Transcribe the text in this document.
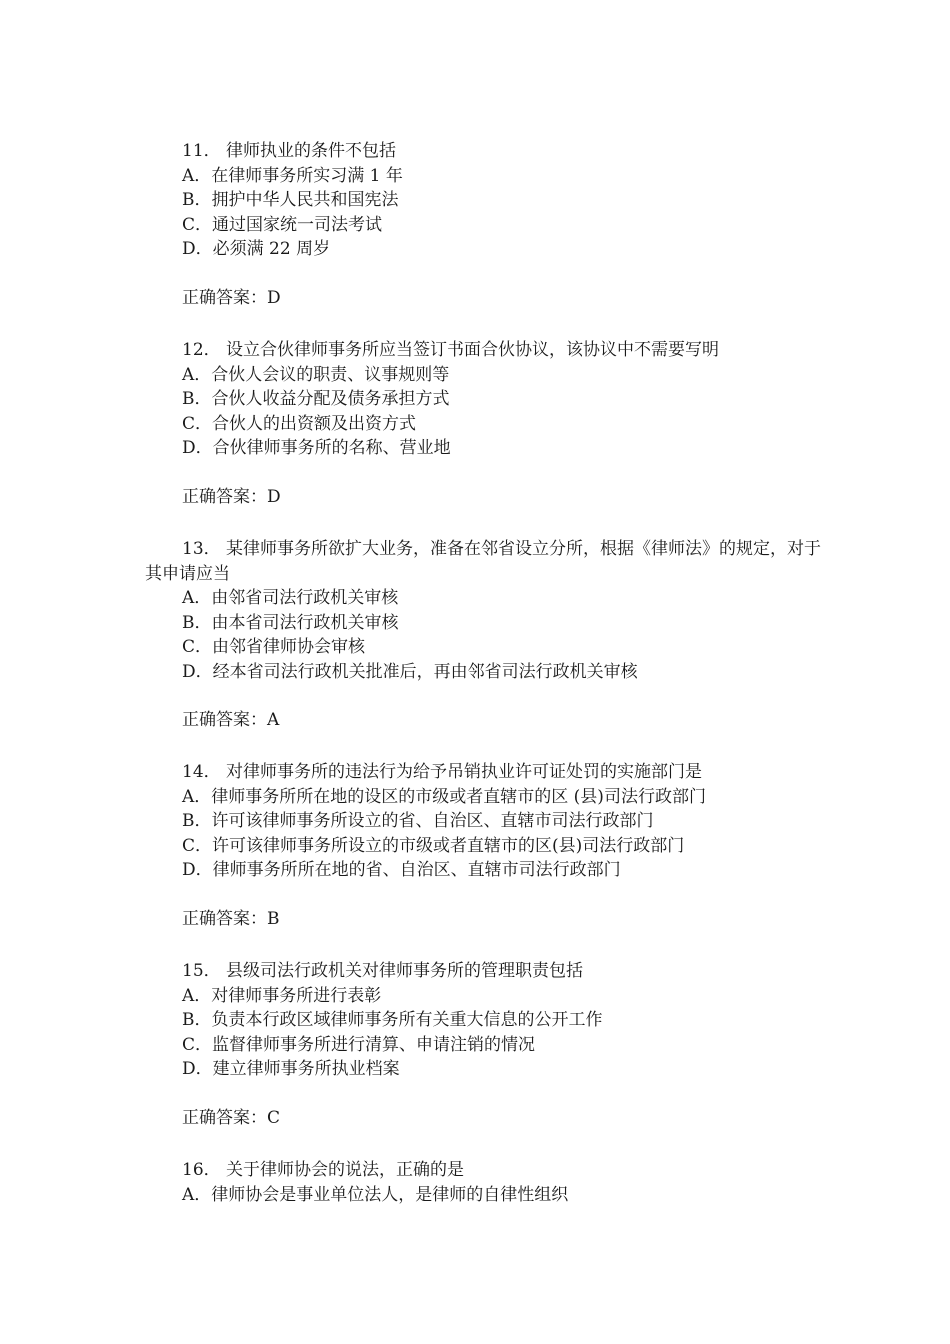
11． 律师执业的条件不包括

A．在律师事务所实习满 1 年

B．拥护中华人民共和国宪法

C．通过国家统一司法考试

D．必须满 22 周岁

正确答案：D

12． 设立合伙律师事务所应当签订书面合伙协议，该协议中不需要写明

A．合伙人会议的职责、议事规则等

B．合伙人收益分配及债务承担方式

C．合伙人的出资额及出资方式

D．合伙律师事务所的名称、营业地

正确答案：D

13． 某律师事务所欲扩大业务，准备在邻省设立分所，根据《律师法》的规定，对于其申请应当

A．由邻省司法行政机关审核

B．由本省司法行政机关审核

C．由邻省律师协会审核

D．经本省司法行政机关批准后，再由邻省司法行政机关审核

正确答案：A

14． 对律师事务所的违法行为给予吊销执业许可证处罚的实施部门是

A．律师事务所所在地的设区的市级或者直辖市的区 (县)司法行政部门

B．许可该律师事务所设立的省、自治区、直辖市司法行政部门

C．许可该律师事务所设立的市级或者直辖市的区(县)司法行政部门

D．律师事务所所在地的省、自治区、直辖市司法行政部门

正确答案：B

15． 县级司法行政机关对律师事务所的管理职责包括

A．对律师事务所进行表彰

B．负责本行政区域律师事务所有关重大信息的公开工作

C．监督律师事务所进行清算、申请注销的情况

D．建立律师事务所执业档案

正确答案：C

16． 关于律师协会的说法，正确的是

A．律师协会是事业单位法人，是律师的自律性组织
